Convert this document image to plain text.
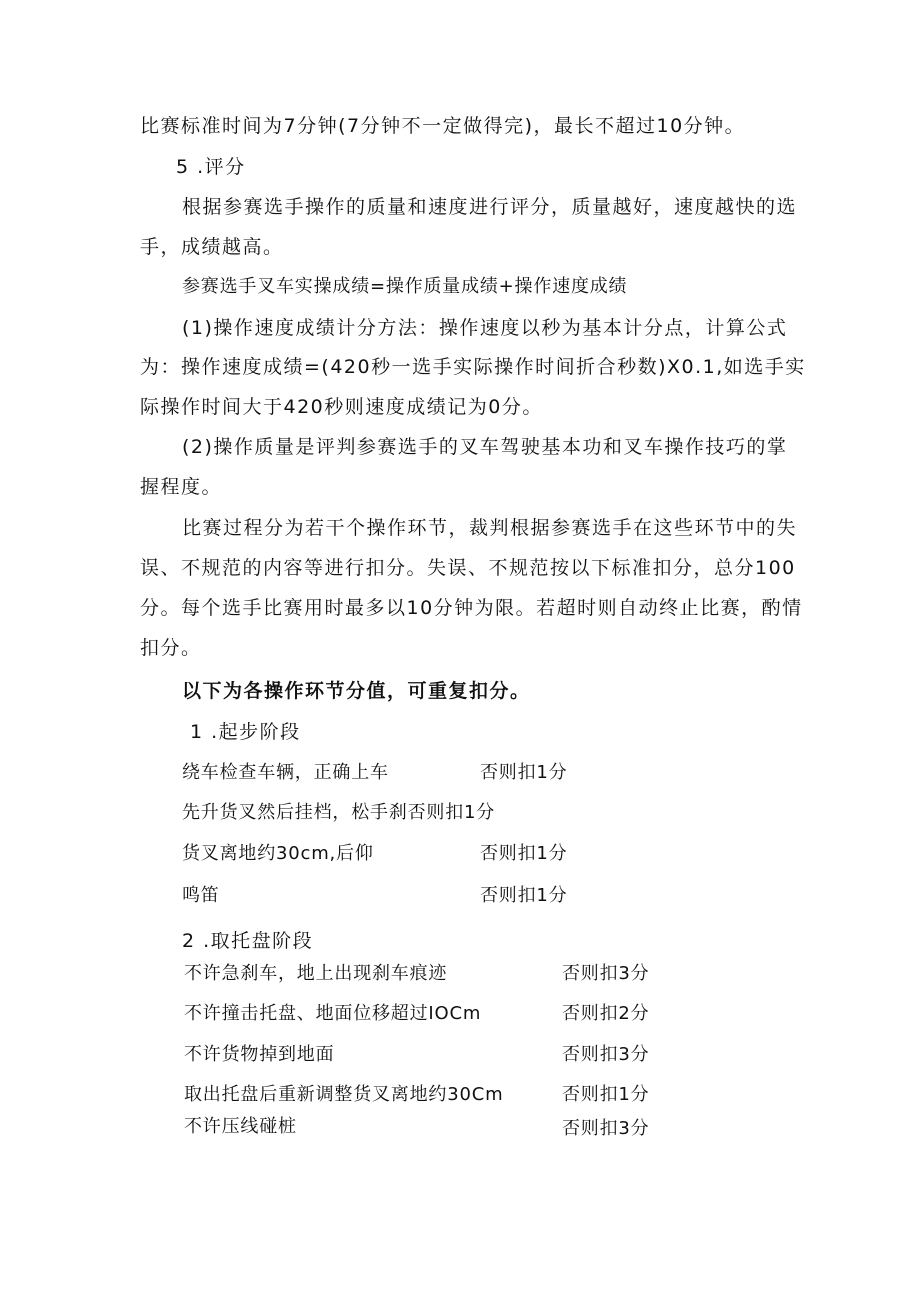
比赛标准时间为7分钟(7分钟不一定做得完)，最长不超过10分钟。
5 .评分
根据参赛选手操作的质量和速度进行评分，质量越好，速度越快的选
手，成绩越高。
参赛选手叉车实操成绩=操作质量成绩+操作速度成绩
(1)操作速度成绩计分方法：操作速度以秒为基本计分点，计算公式
为：操作速度成绩=(420秒一选手实际操作时间折合秒数)X0.1,如选手实
际操作时间大于420秒则速度成绩记为0分。
(2)操作质量是评判参赛选手的叉车驾驶基本功和叉车操作技巧的掌
握程度。
比赛过程分为若干个操作环节，裁判根据参赛选手在这些环节中的失
误、不规范的内容等进行扣分。失误、不规范按以下标准扣分，总分100
分。每个选手比赛用时最多以10分钟为限。若超时则自动终止比赛，酌情
扣分。
以下为各操作环节分值，可重复扣分。
1 .起步阶段
绕车检查车辆，正确上车	否则扣1分
先升货叉然后挂档，松手刹否则扣1分
货叉离地约30cm,后仰	否则扣1分
鸣笛	否则扣1分
2 .取托盘阶段
不许急刹车，地上出现刹车痕迹	否则扣3分
不许撞击托盘、地面位移超过IOCm	否则扣2分
不许货物掉到地面	否则扣3分
取出托盘后重新调整货叉离地约30Cm	否则扣1分
不许压线碰桩	否则扣3分
